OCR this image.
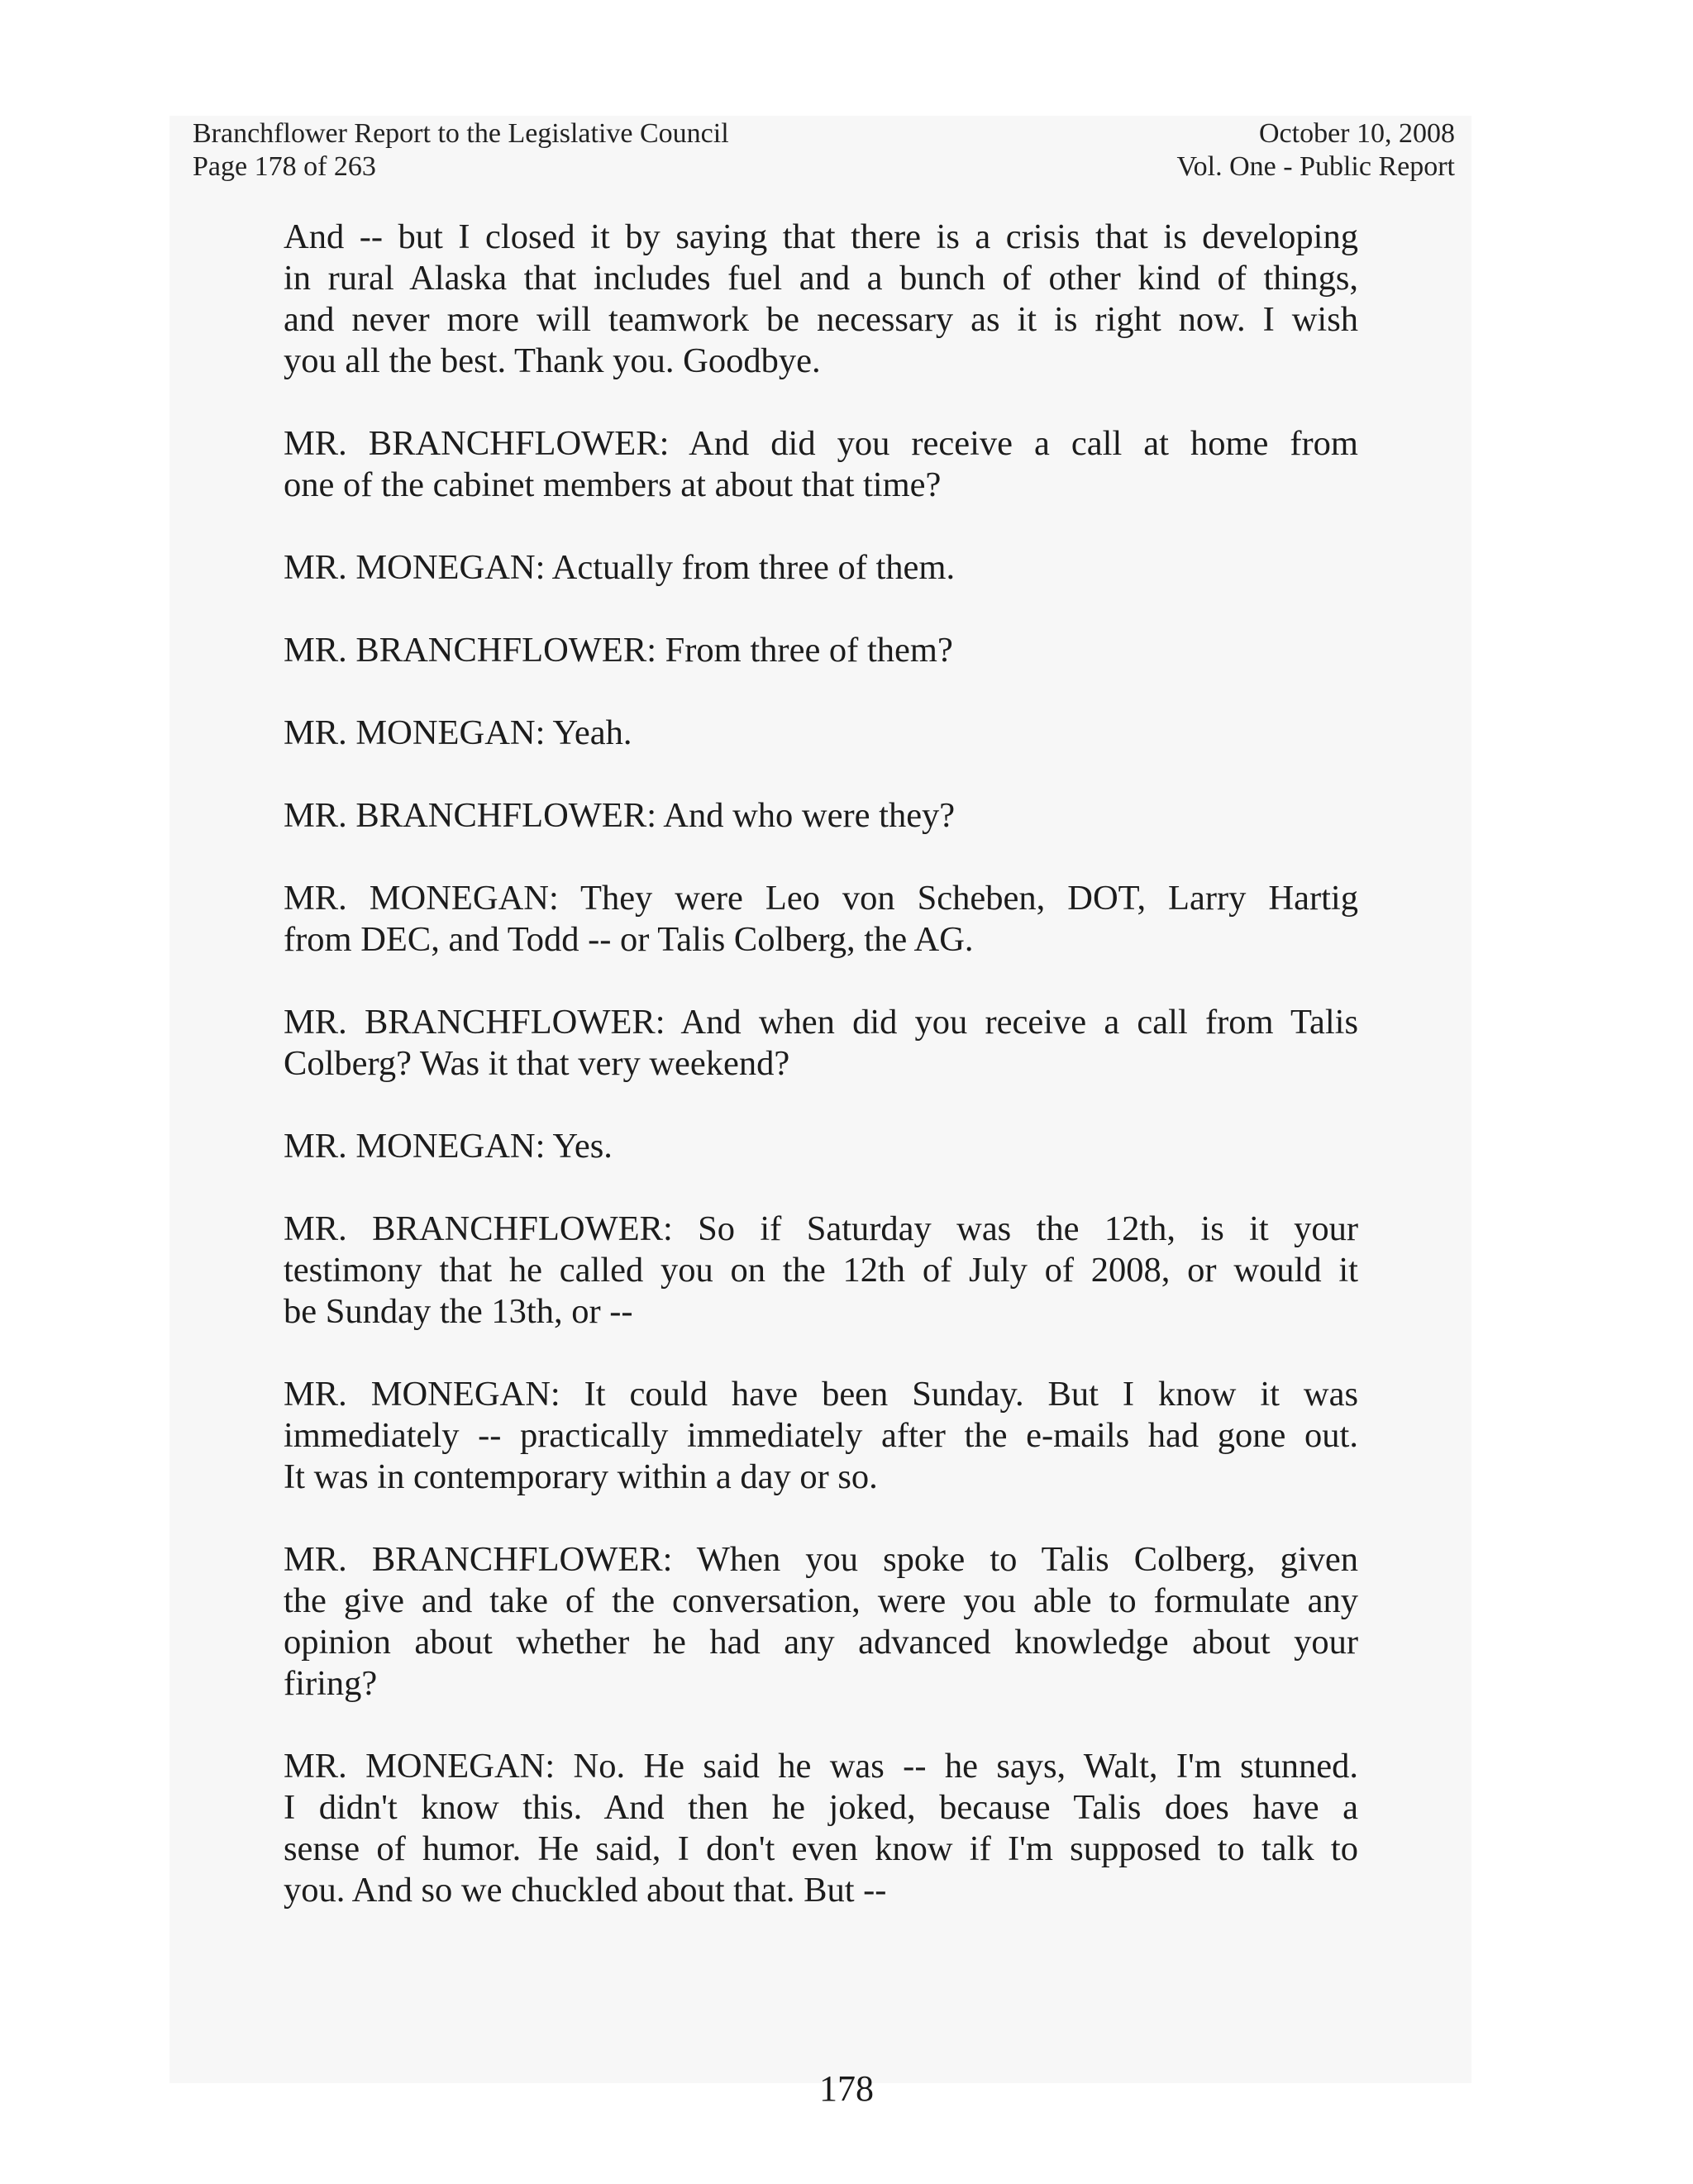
Branchflower Report to the Legislative Council
Page 178 of 263
October 10, 2008
Vol. One - Public Report
And -- but I closed it by saying that there is a crisis that is developing
in rural Alaska that includes fuel and a bunch of other kind of things,
and never more will teamwork be necessary as it is right now. I wish
you all the best. Thank you. Goodbye.
MR. BRANCHFLOWER: And did you receive a call at home from
one of the cabinet members at about that time?
MR. MONEGAN: Actually from three of them.
MR. BRANCHFLOWER: From three of them?
MR. MONEGAN: Yeah.
MR. BRANCHFLOWER: And who were they?
MR. MONEGAN: They were Leo von Scheben, DOT, Larry Hartig
from DEC, and Todd -- or Talis Colberg, the AG.
MR. BRANCHFLOWER: And when did you receive a call from Talis
Colberg? Was it that very weekend?
MR. MONEGAN: Yes.
MR. BRANCHFLOWER: So if Saturday was the 12th, is it your
testimony that he called you on the 12th of July of 2008, or would it
be Sunday the 13th, or --
MR. MONEGAN: It could have been Sunday. But I know it was
immediately -- practically immediately after the e-mails had gone out.
It was in contemporary within a day or so.
MR. BRANCHFLOWER: When you spoke to Talis Colberg, given
the give and take of the conversation, were you able to formulate any
opinion about whether he had any advanced knowledge about your
firing?
MR. MONEGAN: No. He said he was -- he says, Walt, I'm stunned.
I didn't know this. And then he joked, because Talis does have a
sense of humor. He said, I don't even know if I'm supposed to talk to
you. And so we chuckled about that. But --
178
